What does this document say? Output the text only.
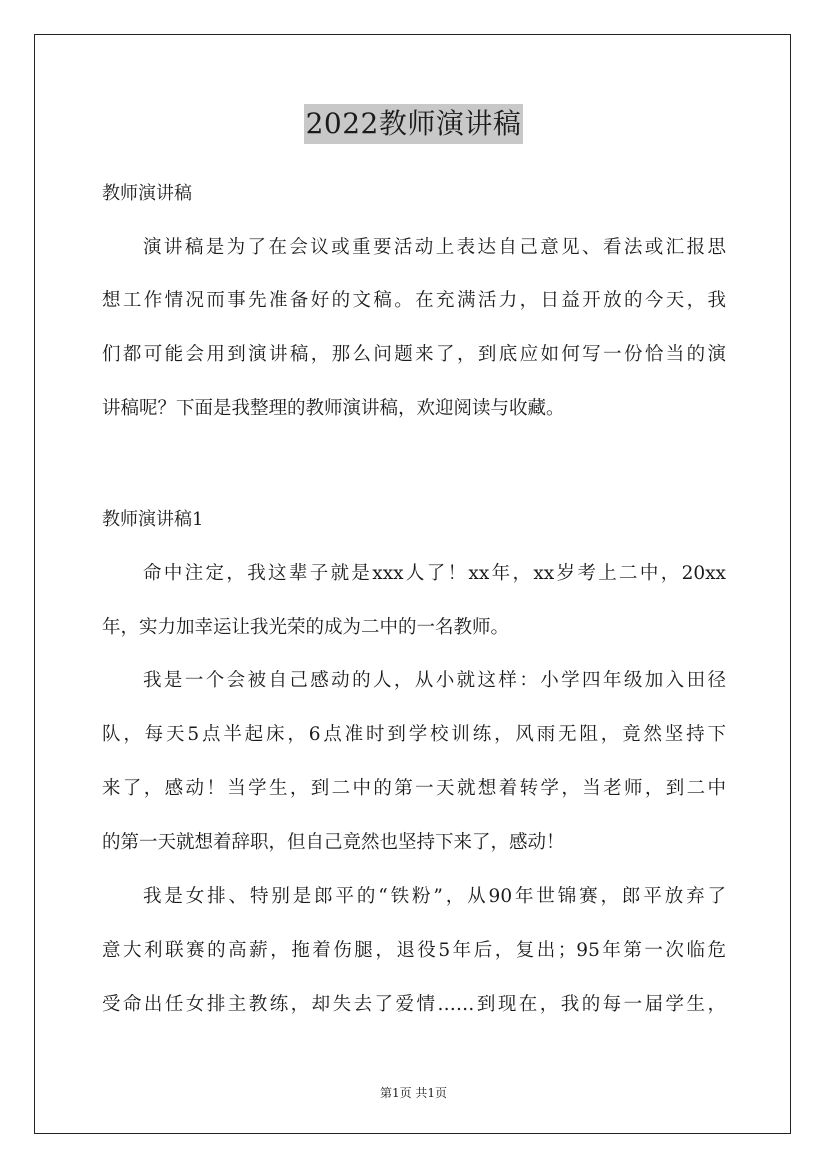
2022教师演讲稿
教师演讲稿
演讲稿是为了在会议或重要活动上表达自己意见、看法或汇报思
想工作情况而事先准备好的文稿。在充满活力，日益开放的今天，我
们都可能会用到演讲稿，那么问题来了，到底应如何写一份恰当的演
讲稿呢？下面是我整理的教师演讲稿，欢迎阅读与收藏。
教师演讲稿1
命中注定，我这辈子就是xxx人了！xx年，xx岁考上二中，20xx
年，实力加幸运让我光荣的成为二中的一名教师。
我是一个会被自己感动的人，从小就这样：小学四年级加入田径
队，每天5点半起床，6点准时到学校训练，风雨无阻，竟然坚持下
来了，感动！当学生，到二中的第一天就想着转学，当老师，到二中
的第一天就想着辞职，但自己竟然也坚持下来了，感动！
我是女排、特别是郎平的“铁粉”，从90年世锦赛，郎平放弃了
意大利联赛的高薪，拖着伤腿，退役5年后，复出；95年第一次临危
受命出任女排主教练，却失去了爱情……到现在，我的每一届学生，
第1页 共1页
